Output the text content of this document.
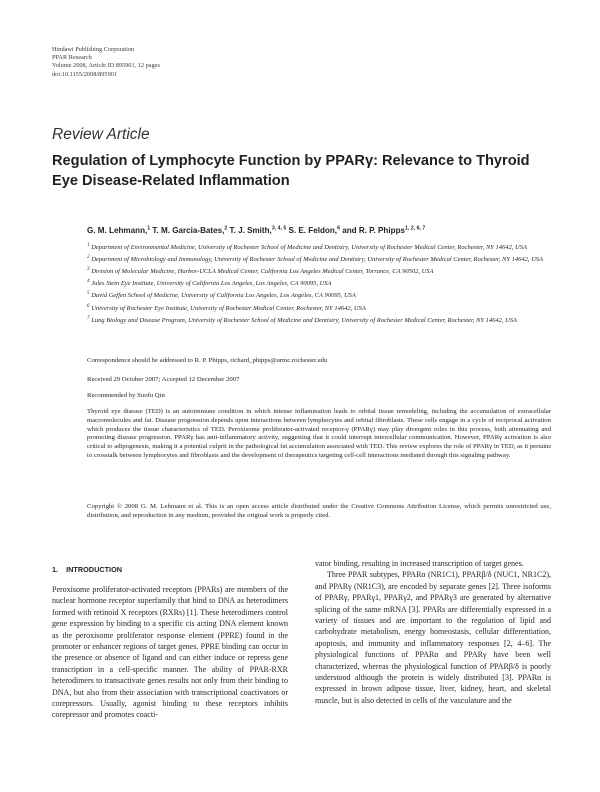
Hindawi Publishing Corporation
PPAR Research
Volume 2008, Article ID 895901, 12 pages
doi:10.1155/2008/895901
Review Article
Regulation of Lymphocyte Function by PPARγ: Relevance to Thyroid Eye Disease-Related Inflammation
G. M. Lehmann,$^1$ T. M. Garcia-Bates,$^2$ T. J. Smith,$^{3, 4, 5}$ S. E. Feldon,$^6$ and R. P. Phipps$^{1, 2, 6, 7}$
$^1$ Department of Environmental Medicine, University of Rochester School of Medicine and Dentistry, University of Rochester Medical Center, Rochester, NY 14642, USA
$^2$ Department of Microbiology and Immunology, University of Rochester School of Medicine and Dentistry, University of Rochester Medical Center, Rochester, NY 14642, USA
$^3$ Division of Molecular Medicine, Harbor-UCLA Medical Center, California Los Angeles Medical Center, Torrance, CA 90502, USA
$^4$ Jules Stein Eye Institute, University of California Los Angeles, Los Angeles, CA 90095, USA
$^5$ David Geffen School of Medicine, University of California Los Angeles, Los Angeles, CA 90095, USA
$^6$ University of Rochester Eye Institute, University of Rochester Medical Center, Rochester, NY 14642, USA
$^7$ Lung Biology and Disease Program, University of Rochester School of Medicine and Dentistry, University of Rochester Medical Center, Rochester, NY 14642, USA
Correspondence should be addressed to R. P. Phipps, richard_phipps@urmc.rochester.edu
Received 29 October 2007; Accepted 12 December 2007
Recommended by Suofu Qin
Thyroid eye disease (TED) is an autoimmune condition in which intense inflammation leads to orbital tissue remodeling, including the accumulation of extracellular macromolecules and fat. Disease progression depends upon interactions between lymphocytes and orbital fibroblasts. These cells engage in a cycle of reciprocal activation which produces the tissue characteristics of TED. Peroxisome proliferator-activated receptor-γ (PPARγ) may play divergent roles in this process, both attenuating and promoting disease progression. PPARγ has anti-inflammatory activity, suggesting that it could interrupt intercellular communication. However, PPARγ activation is also critical to adipogenesis, making it a potential culprit in the pathological fat accumulation associated with TED. This review explores the role of PPARγ in TED, as it pertains to crosstalk between lymphocytes and fibroblasts and the development of therapeutics targeting cell-cell interactions mediated through this signaling pathway.
Copyright © 2008 G. M. Lehmann et al. This is an open access article distributed under the Creative Commons Attribution License, which permits unrestricted use, distribution, and reproduction in any medium, provided the original work is properly cited.
1. INTRODUCTION

Peroxisome proliferator-activated receptors (PPARs) are members of the nuclear hormone receptor superfamily that bind to DNA as heterodimers formed with retinoid X receptors (RXRs) [1]. These heterodimers control gene expression by binding to a specific cis acting DNA element known as the peroxisome proliferator response element (PPRE) found in the promoter or enhancer regions of target genes. PPRE binding can occur in the presence or absence of ligand and can either induce or repress gene transcription in a cell-specific manner. The ability of PPAR-RXR heterodimers to transactivate genes results not only from their binding to DNA, but also from their association with transcriptional coactivators or corepressors. Usually, agonist binding to these receptors inhibits corepressor and promotes coacti-

vator binding, resulting in increased transcription of target genes.

Three PPAR subtypes, PPARα (NR1C1), PPARβ/δ (NUC1, NR1C2), and PPARγ (NR1C3), are encoded by separate genes [2]. Three isoforms of PPARγ, PPARγ1, PPARγ2, and PPARγ3 are generated by alternative splicing of the same mRNA [3]. PPARs are differentially expressed in a variety of tissues and are important to the regulation of lipid and carbohydrate metabolism, energy homeostasis, cellular differentiation, apoptosis, and immunity and inflammatory responses [2, 4–6]. The physiological functions of PPARα and PPARγ have been well characterized, whereas the physiological function of PPARβ/δ is poorly understood although the protein is widely distributed [3]. PPARα is expressed in brown adipose tissue, liver, kidney, heart, and skeletal muscle, but is also detected in cells of the vasculature and the
